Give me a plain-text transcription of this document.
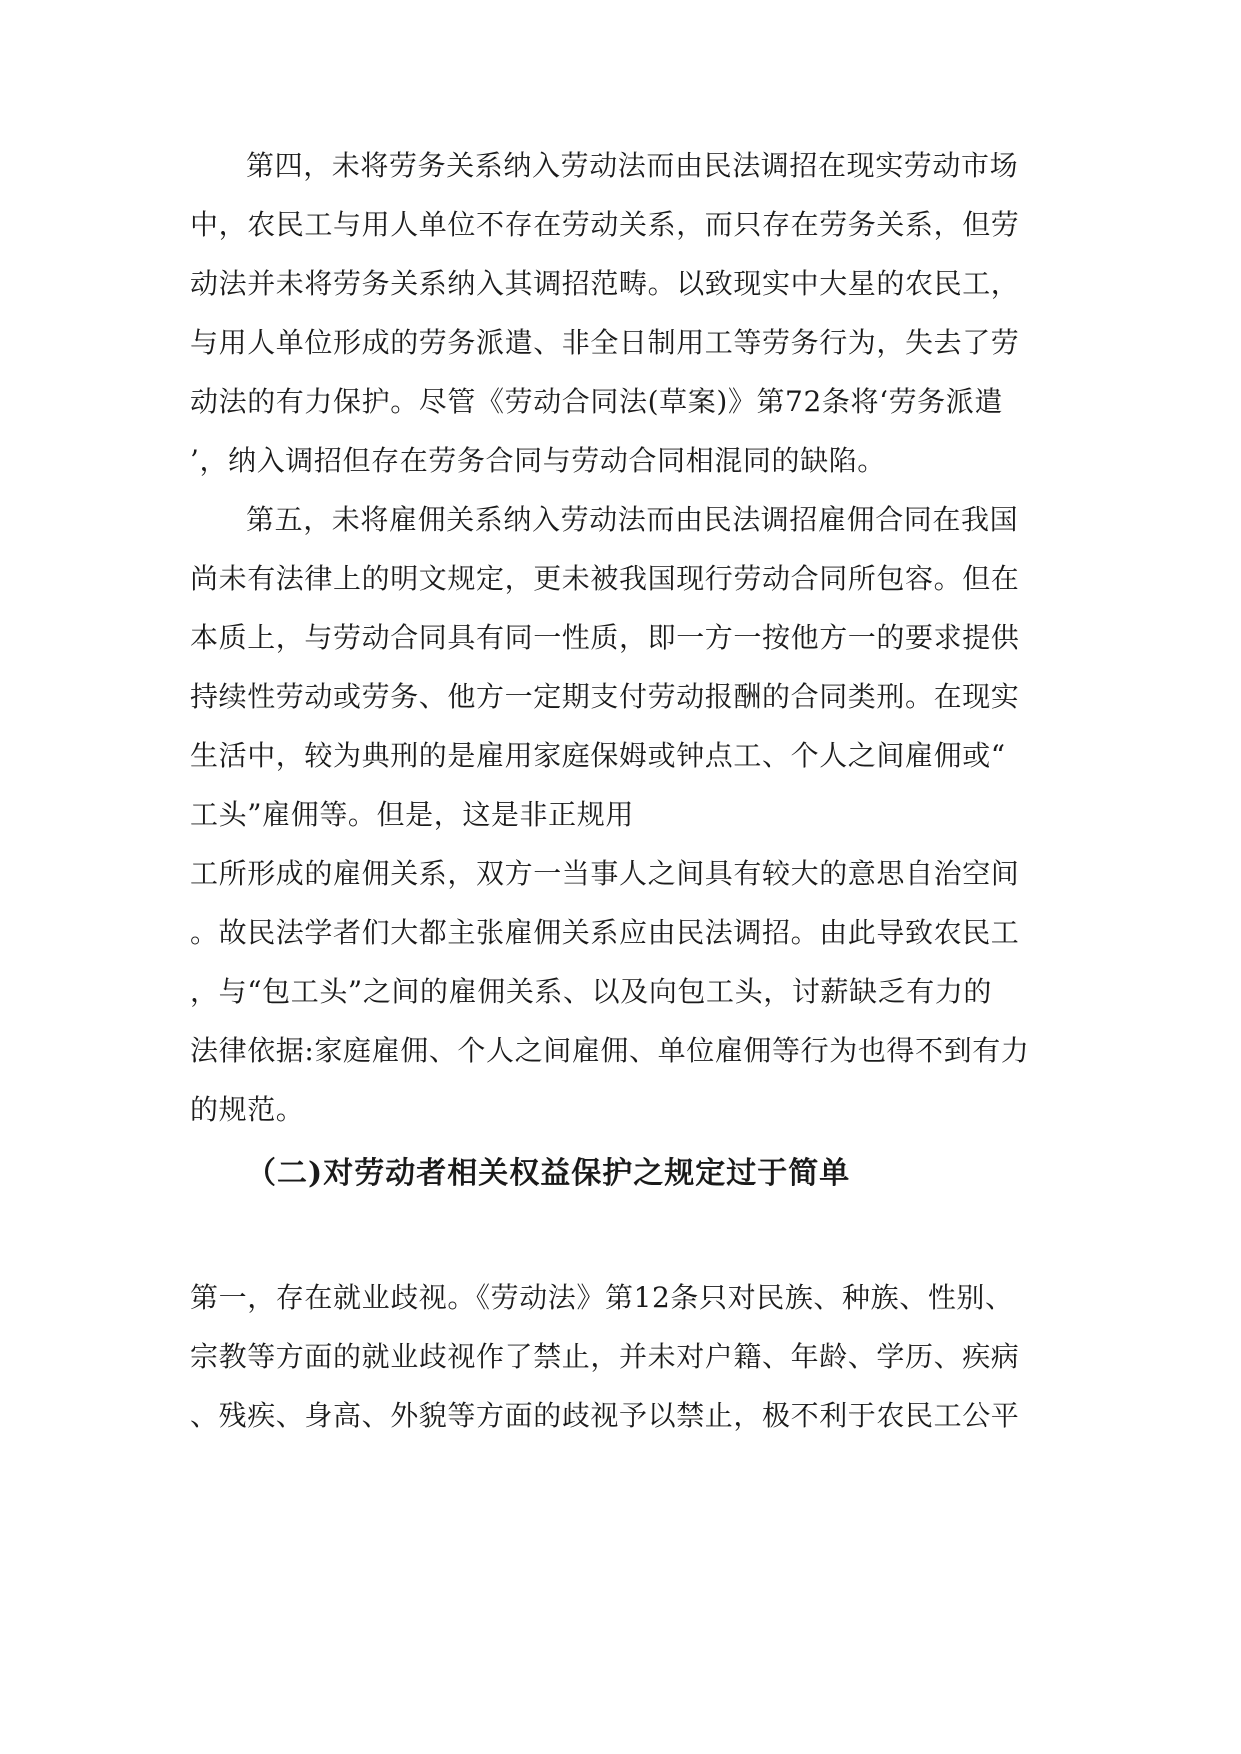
第四，未将劳务关系纳入劳动法而由民法调招在现实劳动市场
中，农民工与用人单位不存在劳动关系，而只存在劳务关系，但劳
动法并未将劳务关系纳入其调招范畴。以致现实中大星的农民工，
与用人单位形成的劳务派遣、非全日制用工等劳务行为，失去了劳
动法的有力保护。尽管《劳动合同法(草案)》第72条将‘劳务派遣
’，纳入调招但存在劳务合同与劳动合同相混同的缺陷。
第五，未将雇佣关系纳入劳动法而由民法调招雇佣合同在我国
尚未有法律上的明文规定，更未被我国现行劳动合同所包容。但在
本质上，与劳动合同具有同一性质，即一方一按他方一的要求提供
持续性劳动或劳务、他方一定期支付劳动报酬的合同类刑。在现实
生活中，较为典刑的是雇用家庭保姆或钟点工、个人之间雇佣或“
工头”雇佣等。但是，这是非正规用
工所形成的雇佣关系，双方一当事人之间具有较大的意思自治空间
。故民法学者们大都主张雇佣关系应由民法调招。由此导致农民工
，与“包工头”之间的雇佣关系、以及向包工头，讨薪缺乏有力的
法律依据:家庭雇佣、个人之间雇佣、单位雇佣等行为也得不到有力
的规范。
（二)对劳动者相关权益保护之规定过于简单
第一，存在就业歧视。《劳动法》第12条只对民族、种族、性别、
宗教等方面的就业歧视作了禁止，并未对户籍、年龄、学历、疾病
、残疾、身高、外貌等方面的歧视予以禁止，极不利于农民工公平
